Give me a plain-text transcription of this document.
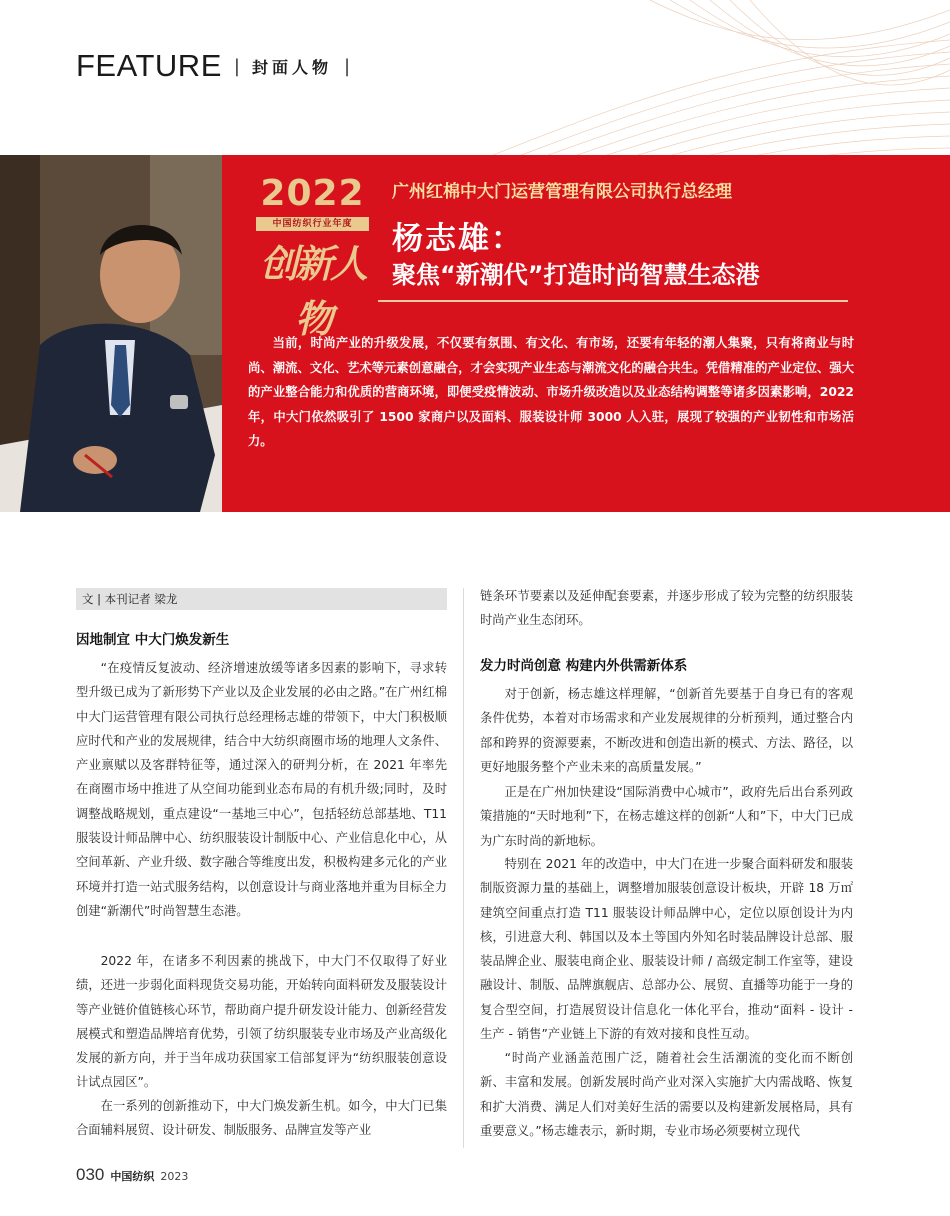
FEATURE | 封面人物 |
2022
中国纺织行业年度
创新人物
广州红棉中大门运营管理有限公司执行总经理
杨志雄：
聚焦“新潮代”打造时尚智慧生态港

当前，时尚产业的升级发展，不仅要有氛围、有文化、有市场，还要有年轻的潮人集聚，只有将商业与时尚、潮流、文化、艺术等元素创意融合，才会实现产业生态与潮流文化的融合共生。凭借精准的产业定位、强大的产业整合能力和优质的营商环境，即便受疫情波动、市场升级改造以及业态结构调整等诸多因素影响，2022 年，中大门依然吸引了 1500 家商户以及面料、服装设计师 3000 人入驻，展现了较强的产业韧性和市场活力。

文 | 本刊记者 梁龙
因地制宜 中大门焕发新生

“在疫情反复波动、经济增速放缓等诸多因素的影响下，寻求转型升级已成为了新形势下产业以及企业发展的必由之路。”在广州红棉中大门运营管理有限公司执行总经理杨志雄的带领下，中大门积极顺应时代和产业的发展规律，结合中大纺织商圈市场的地理人文条件、产业禀赋以及客群特征等，通过深入的研判分析，在 2021 年率先在商圈市场中推进了从空间功能到业态布局的有机升级;同时，及时调整战略规划，重点建设“一基地三中心”，包括轻纺总部基地、T11 服装设计师品牌中心、纺织服装设计制版中心、产业信息化中心，从空间革新、产业升级、数字融合等维度出发，积极构建多元化的产业环境并打造一站式服务结构，以创意设计与商业落地并重为目标全力创建“新潮代”时尚智慧生态港。

2022 年，在诸多不利因素的挑战下，中大门不仅取得了好业绩，还进一步弱化面料现货交易功能，开始转向面料研发及服装设计等产业链价值链核心环节，帮助商户提升研发设计能力、创新经营发展模式和塑造品牌培育优势，引领了纺织服装专业市场及产业高级化发展的新方向，并于当年成功获国家工信部复评为“纺织服装创意设计试点园区”。

在一系列的创新推动下，中大门焕发新生机。如今，中大门已集合面辅料展贸、设计研发、制版服务、品牌宣发等产业

链条环节要素以及延伸配套要素，并逐步形成了较为完整的纺织服装时尚产业生态闭环。

发力时尚创意 构建内外供需新体系

对于创新，杨志雄这样理解，“创新首先要基于自身已有的客观条件优势，本着对市场需求和产业发展规律的分析预判，通过整合内部和跨界的资源要素，不断改进和创造出新的模式、方法、路径，以更好地服务整个产业未来的高质量发展。”

正是在广州加快建设“国际消费中心城市”，政府先后出台系列政策措施的“天时地利”下，在杨志雄这样的创新“人和”下，中大门已成为广东时尚的新地标。

特别在 2021 年的改造中，中大门在进一步聚合面料研发和服装制版资源力量的基础上，调整增加服装创意设计板块，开辟 18 万㎡建筑空间重点打造 T11 服装设计师品牌中心，定位以原创设计为内核，引进意大利、韩国以及本土等国内外知名时装品牌设计总部、服装品牌企业、服装电商企业、服装设计师 / 高级定制工作室等，建设融设计、制版、品牌旗舰店、总部办公、展贸、直播等功能于一身的复合型空间，打造展贸设计信息化一体化平台，推动“面料 - 设计 - 生产 - 销售”产业链上下游的有效对接和良性互动。

“时尚产业涵盖范围广泛，随着社会生活潮流的变化而不断创新、丰富和发展。创新发展时尚产业对深入实施扩大内需战略、恢复和扩大消费、满足人们对美好生活的需要以及构建新发展格局，具有重要意义。”杨志雄表示，新时期，专业市场必须要树立现代

030 中国纺织 2023
